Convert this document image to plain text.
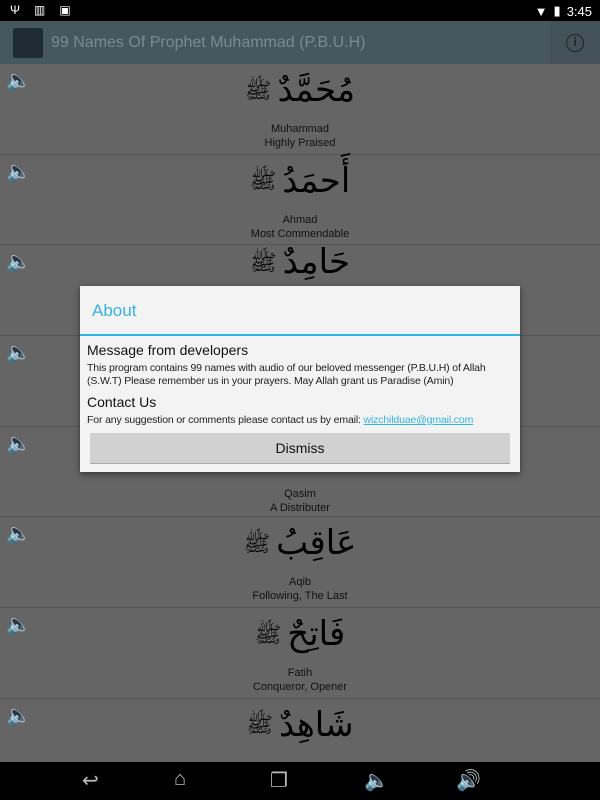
Ψ ▥ ▣	▼ ▮ 3:45
99 Names Of Prophet Muhammad (P.B.U.H)	i
🔈	مُحَمَّدٌﷺ
Muhammad
Highly Praised
🔈	أَحمَدُﷺ
Ahmad
Most Commendable
🔈	حَامِدٌﷺ
🔈
🔈
Qasim
A Distributer
🔈	عَاقِبُﷺ
Aqib
Following, The Last
🔈	فَاتِحٌﷺ
Fatih
Conqueror, Opener
🔈	شَاهِدٌﷺ
About
Message from developers
This program contains 99 names with audio of our beloved messenger (P.B.U.H) of Allah (S.W.T) Please remember us in your prayers. May Allah grant us Paradise (Amin)
Contact Us
For any suggestion or comments please contact us by email: wizchilduae@gmail.com
Dismiss
↩	⌂	❐	🔈	🔊
